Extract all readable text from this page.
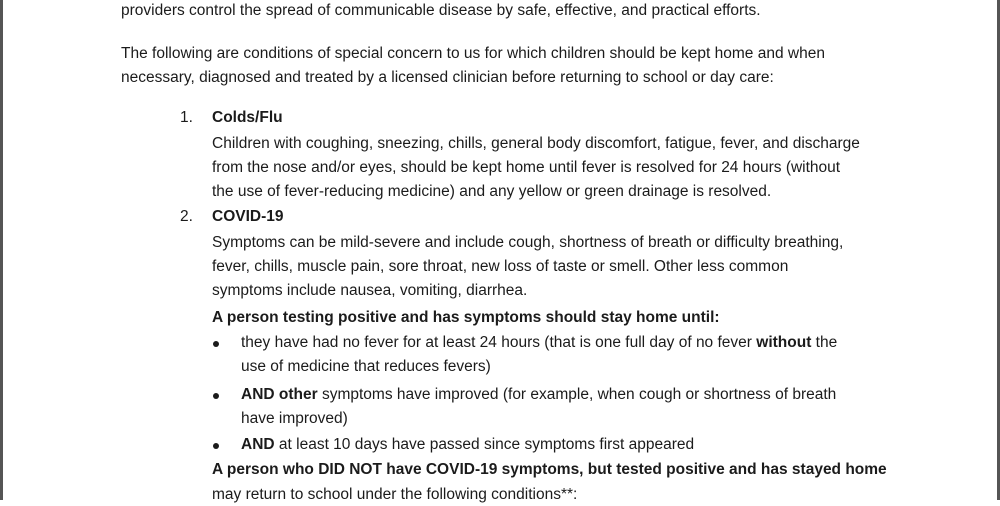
providers control the spread of communicable disease by safe, effective, and practical efforts.
The following are conditions of special concern to us for which children should be kept home and when
necessary, diagnosed and treated by a licensed clinician before returning to school or day care:
1. Colds/Flu
Children with coughing, sneezing, chills, general body discomfort, fatigue, fever, and discharge
from the nose and/or eyes, should be kept home until fever is resolved for 24 hours (without
the use of fever-reducing medicine) and any yellow or green drainage is resolved.
2. COVID-19
Symptoms can be mild-severe and include cough, shortness of breath or difficulty breathing,
fever, chills, muscle pain, sore throat, new loss of taste or smell. Other less common
symptoms include nausea, vomiting, diarrhea.
A person testing positive and has symptoms should stay home until:
they have had no fever for at least 24 hours (that is one full day of no fever without the
use of medicine that reduces fevers)
AND other symptoms have improved (for example, when cough or shortness of breath
have improved)
AND at least 10 days have passed since symptoms first appeared
A person who DID NOT have COVID-19 symptoms, but tested positive and has stayed home
may return to school under the following conditions**:
